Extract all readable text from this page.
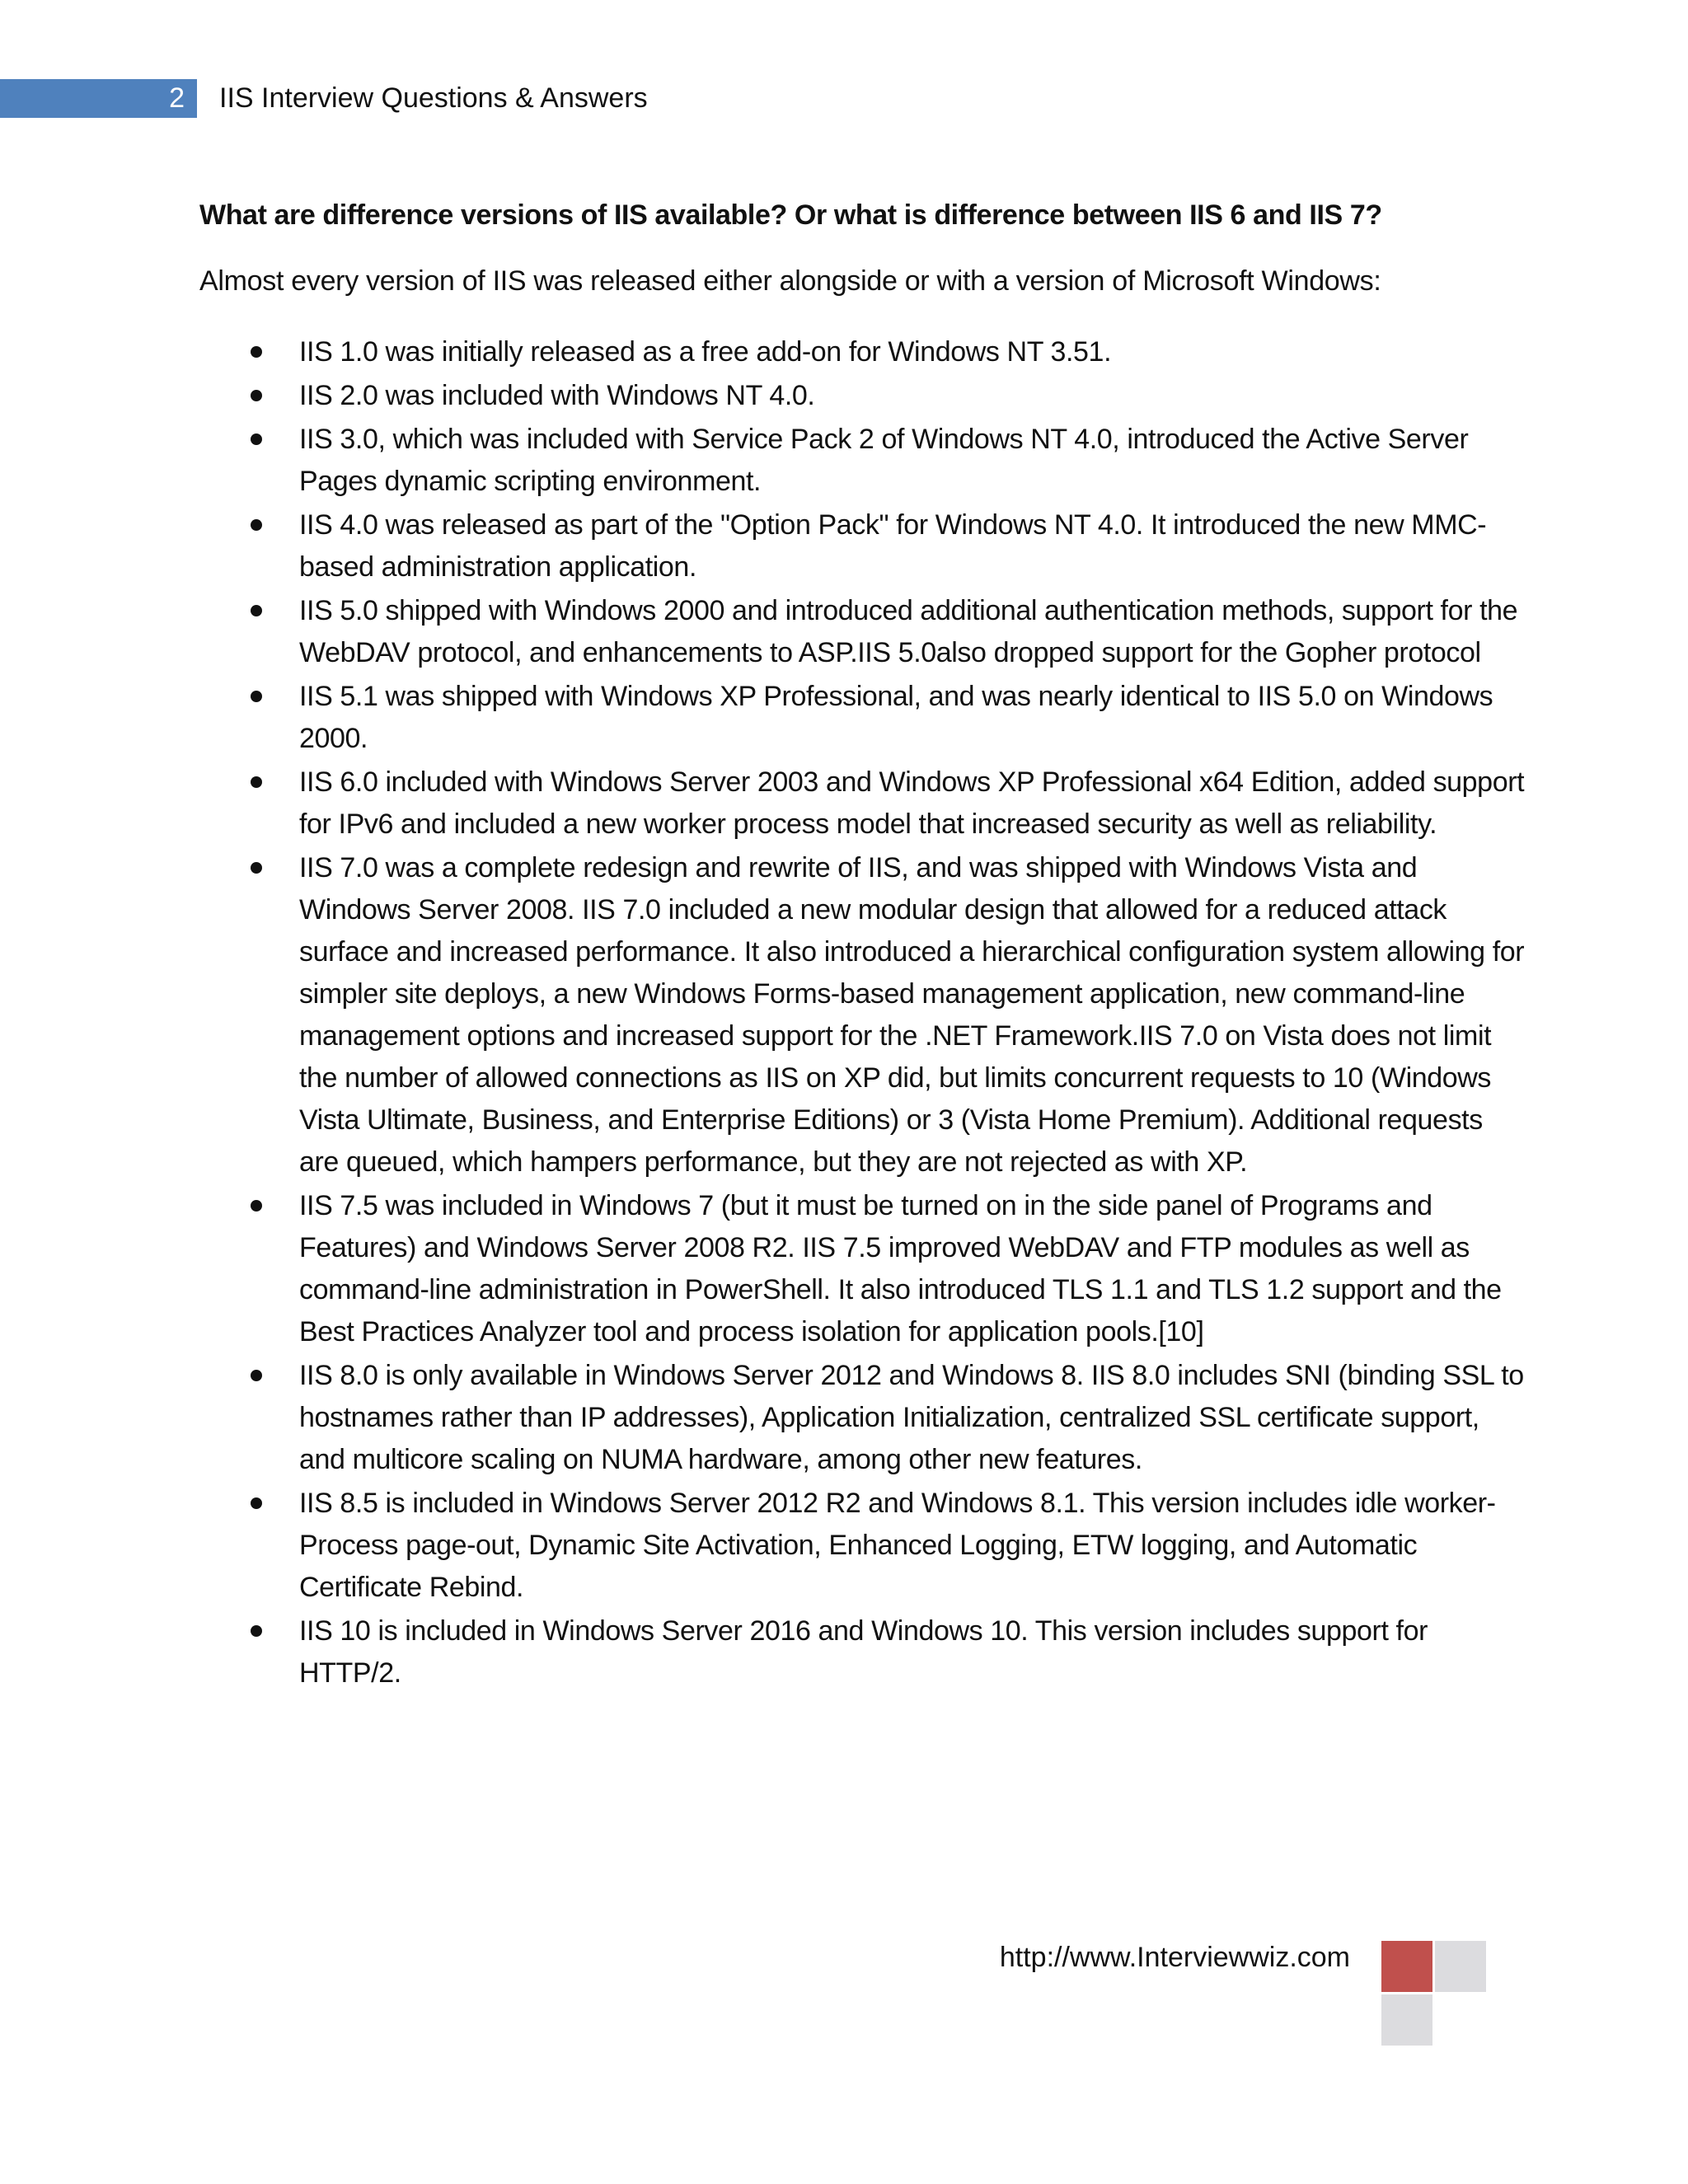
2 IIS Interview Questions & Answers

What are difference versions of IIS available? Or what is difference between IIS 6 and IIS 7?

Almost every version of IIS was released either alongside or with a version of Microsoft Windows:

IIS 1.0 was initially released as a free add-on for Windows NT 3.51.
IIS 2.0 was included with Windows NT 4.0.
IIS 3.0, which was included with Service Pack 2 of Windows NT 4.0, introduced the Active Server Pages dynamic scripting environment.
IIS 4.0 was released as part of the "Option Pack" for Windows NT 4.0. It introduced the new MMC-based administration application.
IIS 5.0 shipped with Windows 2000 and introduced additional authentication methods, support for the WebDAV protocol, and enhancements to ASP.IIS 5.0also dropped support for the Gopher protocol
IIS 5.1 was shipped with Windows XP Professional, and was nearly identical to IIS 5.0 on Windows 2000.
IIS 6.0 included with Windows Server 2003 and Windows XP Professional x64 Edition, added support for IPv6 and included a new worker process model that increased security as well as reliability.
IIS 7.0 was a complete redesign and rewrite of IIS, and was shipped with Windows Vista and Windows Server 2008. IIS 7.0 included a new modular design that allowed for a reduced attack surface and increased performance. It also introduced a hierarchical configuration system allowing for simpler site deploys, a new Windows Forms-based management application, new command-line management options and increased support for the .NET Framework.IIS 7.0 on Vista does not limit the number of allowed connections as IIS on XP did, but limits concurrent requests to 10 (Windows Vista Ultimate, Business, and Enterprise Editions) or 3 (Vista Home Premium). Additional requests are queued, which hampers performance, but they are not rejected as with XP.
IIS 7.5 was included in Windows 7 (but it must be turned on in the side panel of Programs and Features) and Windows Server 2008 R2. IIS 7.5 improved WebDAV and FTP modules as well as command-line administration in PowerShell. It also introduced TLS 1.1 and TLS 1.2 support and the Best Practices Analyzer tool and process isolation for application pools.[10]
IIS 8.0 is only available in Windows Server 2012 and Windows 8. IIS 8.0 includes SNI (binding SSL to hostnames rather than IP addresses), Application Initialization, centralized SSL certificate support, and multicore scaling on NUMA hardware, among other new features.
IIS 8.5 is included in Windows Server 2012 R2 and Windows 8.1. This version includes idle worker-Process page-out, Dynamic Site Activation, Enhanced Logging, ETW logging, and Automatic Certificate Rebind.
IIS 10 is included in Windows Server 2016 and Windows 10. This version includes support for HTTP/2.
http://www.Interviewwiz.com
